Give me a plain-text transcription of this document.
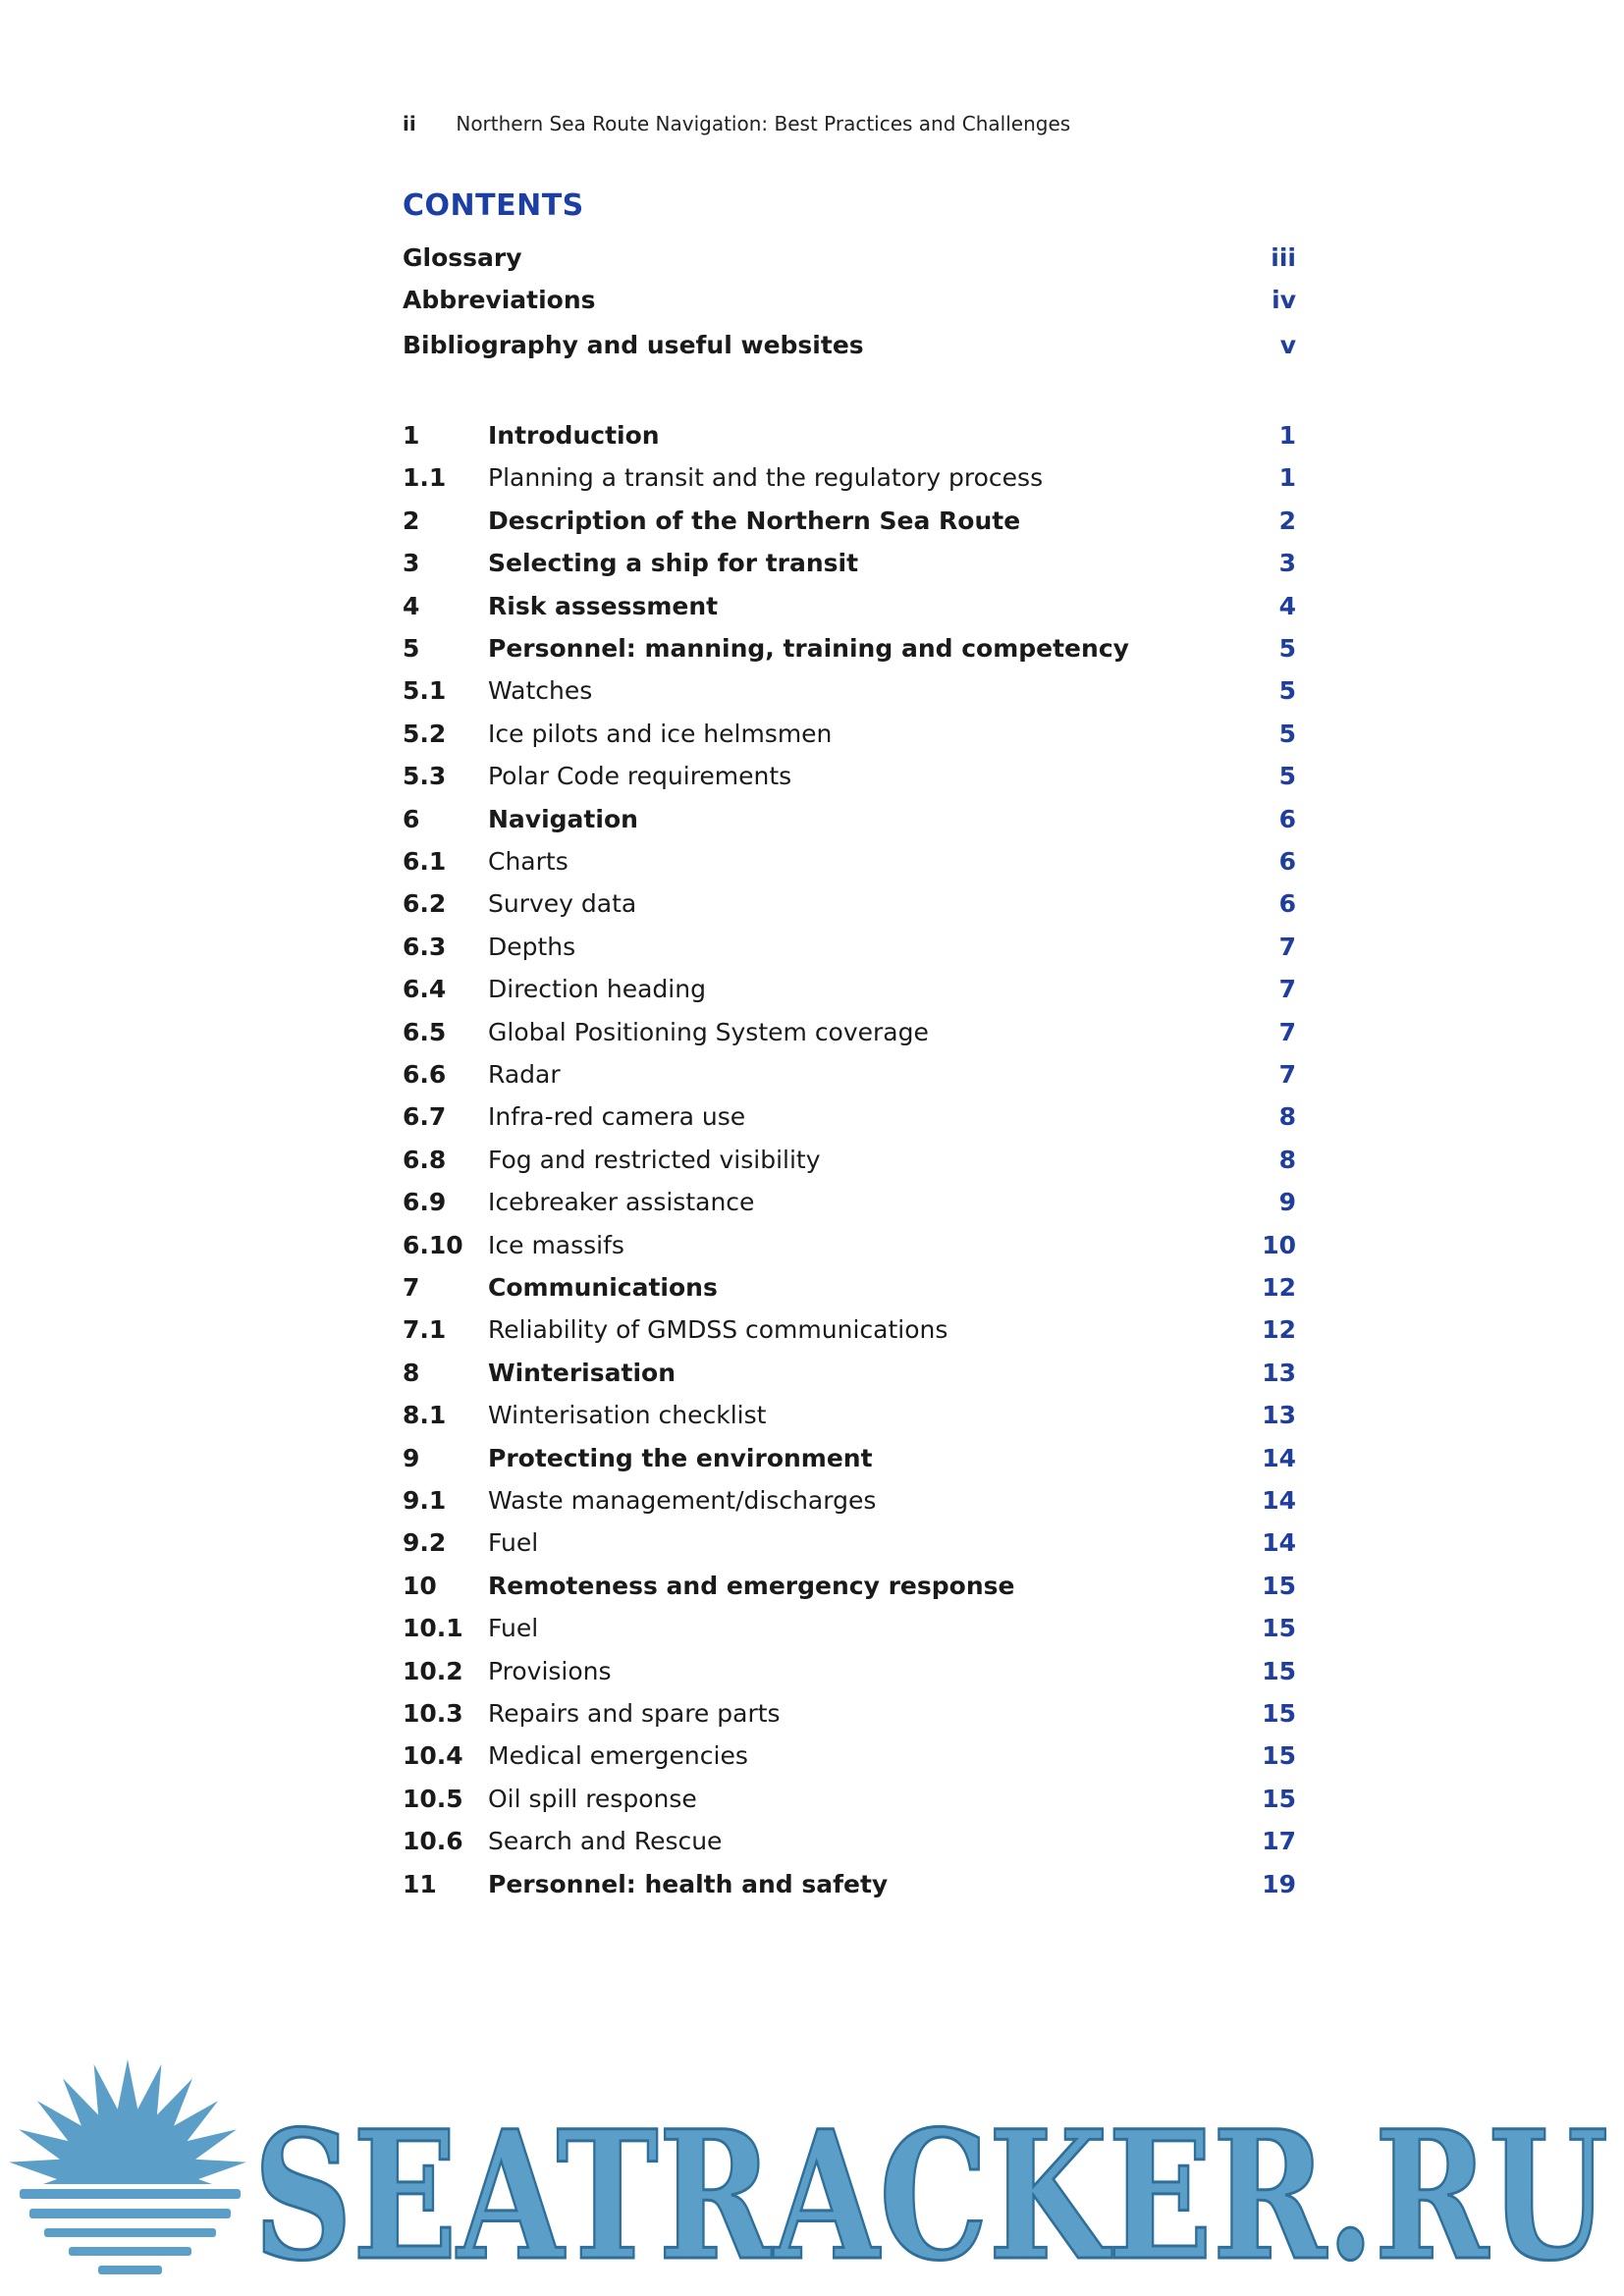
ii Northern Sea Route Navigation: Best Practices and Challenges
CONTENTS
Glossary	iii
Abbreviations	iv
Bibliography and useful websites	v
1	Introduction	1
1.1 Planning a transit and the regulatory process	1
2	Description of the Northern Sea Route	2
3	Selecting a ship for transit	3
4	Risk assessment	4
5	Personnel: manning, training and competency	5
5.1 Watches	5
5.2 Ice pilots and ice helmsmen	5
5.3 Polar Code requirements	5
6	Navigation	6
6.1 Charts	6
6.2 Survey data	6
6.3 Depths	7
6.4 Direction heading	7
6.5 Global Positioning System coverage	7
6.6 Radar	7
6.7 Infra-red camera use	8
6.8 Fog and restricted visibility	8
6.9 Icebreaker assistance	9
6.10 Ice massifs	10
7	Communications	12
7.1 Reliability of GMDSS communications	12
8	Winterisation	13
8.1 Winterisation checklist	13
9	Protecting the environment	14
9.1 Waste management/discharges	14
9.2 Fuel	14
10 Remoteness and emergency response	15
10.1 Fuel	15
10.2 Provisions	15
10.3 Repairs and spare parts	15
10.4 Medical emergencies	15
10.5 Oil spill response	15
10.6 Search and Rescue	17
11 Personnel: health and safety	19
SEATRACKER.RU
